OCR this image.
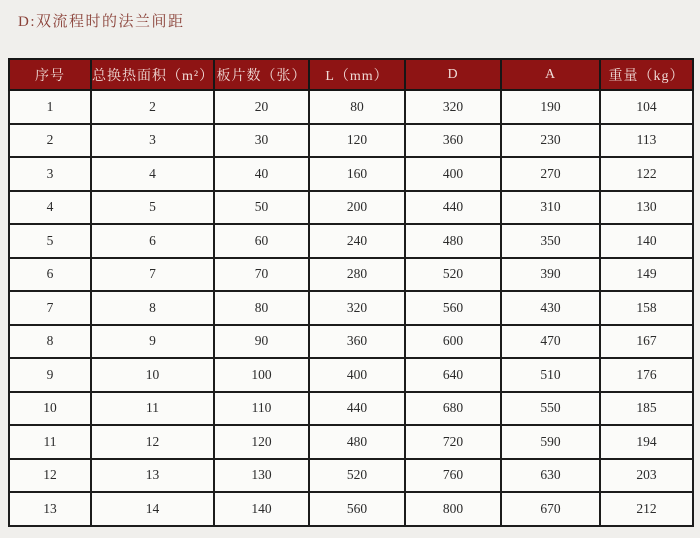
D:双流程时的法兰间距
序号	总换热面积（m²）	板片数（张）	L（mm）	D	A	重量（kg）
1	2	20	80	320	190	104
2	3	30	120	360	230	113
3	4	40	160	400	270	122
4	5	50	200	440	310	130
5	6	60	240	480	350	140
6	7	70	280	520	390	149
7	8	80	320	560	430	158
8	9	90	360	600	470	167
9	10	100	400	640	510	176
10	11	110	440	680	550	185
11	12	120	480	720	590	194
12	13	130	520	760	630	203
13	14	140	560	800	670	212
